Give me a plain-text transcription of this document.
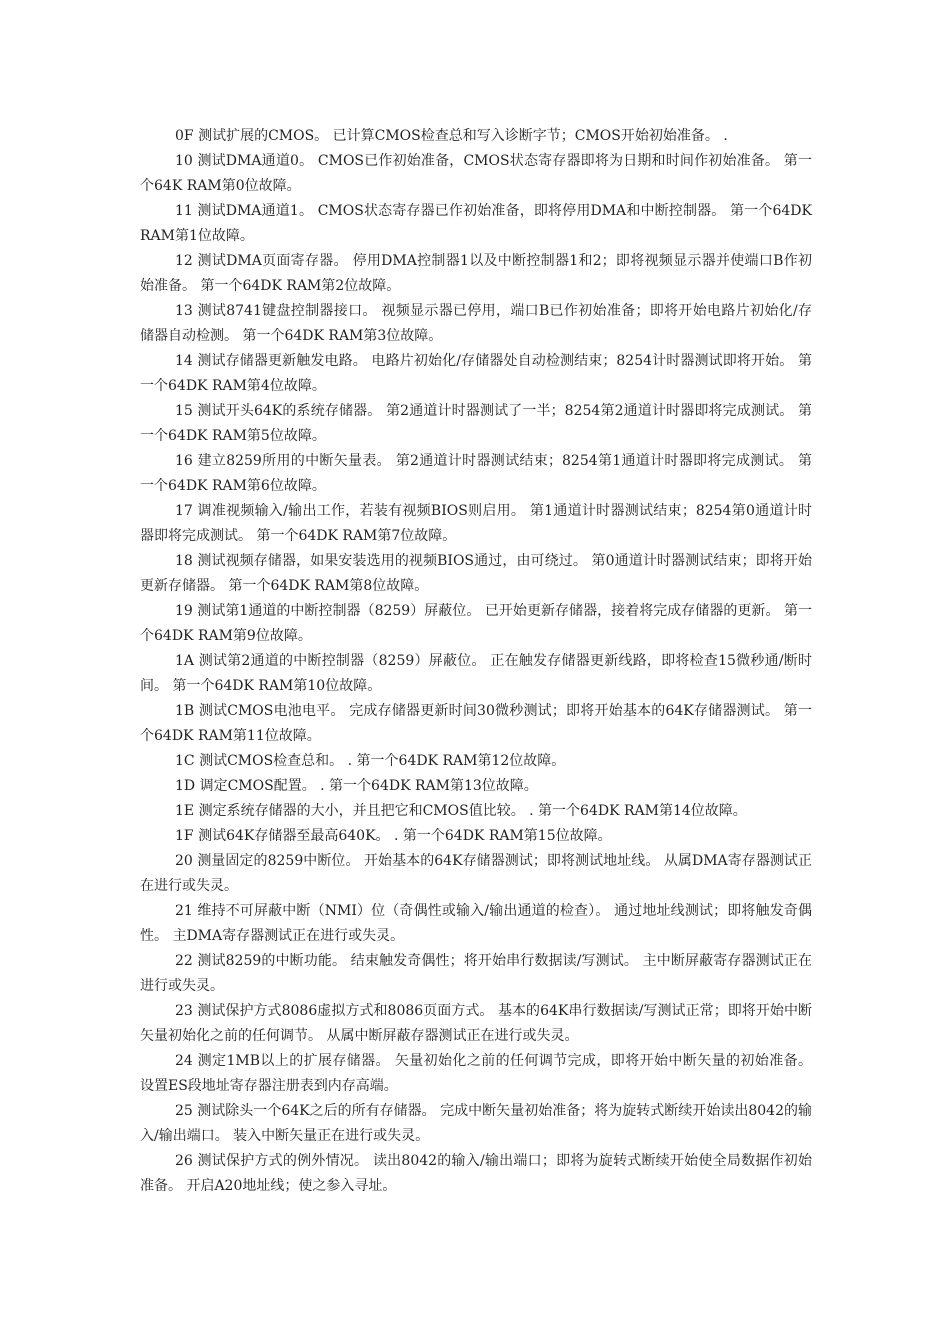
0F 测试扩展的CMOS。 已计算CMOS检查总和写入诊断字节；CMOS开始初始准备。 .

10 测试DMA通道0。 CMOS已作初始准备，CMOS状态寄存器即将为日期和时间作初始准备。 第一个64K RAM第0位故障。

11 测试DMA通道1。 CMOS状态寄存器已作初始准备，即将停用DMA和中断控制器。 第一个64DK RAM第1位故障。

12 测试DMA页面寄存器。 停用DMA控制器1以及中断控制器1和2；即将视频显示器并使端口B作初始准备。 第一个64DK RAM第2位故障。

13 测试8741键盘控制器接口。 视频显示器已停用，端口B已作初始准备；即将开始电路片初始化/存储器自动检测。 第一个64DK RAM第3位故障。

14 测试存储器更新触发电路。 电路片初始化/存储器处自动检测结束；8254计时器测试即将开始。 第一个64DK RAM第4位故障。

15 测试开头64K的系统存储器。 第2通道计时器测试了一半；8254第2通道计时器即将完成测试。 第一个64DK RAM第5位故障。

16 建立8259所用的中断矢量表。 第2通道计时器测试结束；8254第1通道计时器即将完成测试。 第一个64DK RAM第6位故障。

17 调准视频输入/输出工作，若装有视频BIOS则启用。 第1通道计时器测试结束；8254第0通道计时器即将完成测试。 第一个64DK RAM第7位故障。

18 测试视频存储器，如果安装选用的视频BIOS通过，由可绕过。 第0通道计时器测试结束；即将开始更新存储器。 第一个64DK RAM第8位故障。

19 测试第1通道的中断控制器（8259）屏蔽位。 已开始更新存储器，接着将完成存储器的更新。 第一个64DK RAM第9位故障。

1A 测试第2通道的中断控制器（8259）屏蔽位。 正在触发存储器更新线路，即将检查15微秒通/断时间。 第一个64DK RAM第10位故障。

1B 测试CMOS电池电平。 完成存储器更新时间30微秒测试；即将开始基本的64K存储器测试。 第一个64DK RAM第11位故障。

1C 测试CMOS检查总和。 . 第一个64DK RAM第12位故障。

1D 调定CMOS配置。 . 第一个64DK RAM第13位故障。

1E 测定系统存储器的大小，并且把它和CMOS值比较。 . 第一个64DK RAM第14位故障。

1F 测试64K存储器至最高640K。 . 第一个64DK RAM第15位故障。

20 测量固定的8259中断位。 开始基本的64K存储器测试；即将测试地址线。 从属DMA寄存器测试正在进行或失灵。

21 维持不可屏蔽中断（NMI）位（奇偶性或输入/输出通道的检查）。 通过地址线测试；即将触发奇偶性。 主DMA寄存器测试正在进行或失灵。

22 测试8259的中断功能。 结束触发奇偶性；将开始串行数据读/写测试。 主中断屏蔽寄存器测试正在进行或失灵。

23 测试保护方式8086虚拟方式和8086页面方式。 基本的64K串行数据读/写测试正常；即将开始中断矢量初始化之前的任何调节。 从属中断屏蔽存器测试正在进行或失灵。

24 测定1MB以上的扩展存储器。 矢量初始化之前的任何调节完成，即将开始中断矢量的初始准备。 设置ES段地址寄存器注册表到内存高端。

25 测试除头一个64K之后的所有存储器。 完成中断矢量初始准备；将为旋转式断续开始读出8042的输入/输出端口。 装入中断矢量正在进行或失灵。

26 测试保护方式的例外情况。 读出8042的输入/输出端口；即将为旋转式断续开始使全局数据作初始准备。 开启A20地址线；使之参入寻址。
